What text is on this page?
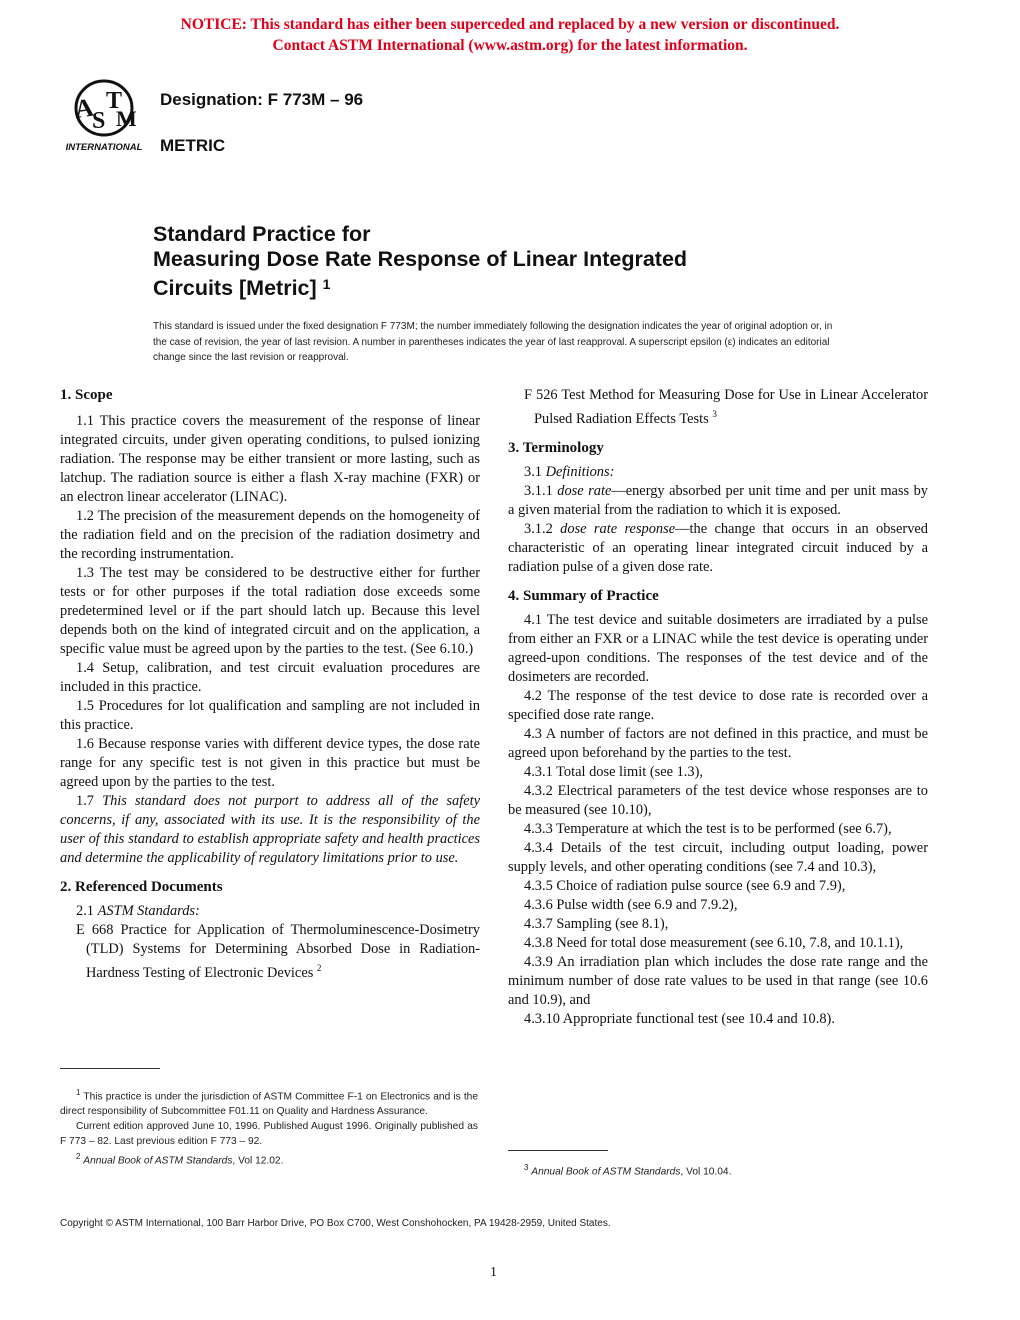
NOTICE: This standard has either been superceded and replaced by a new version or discontinued.
Contact ASTM International (www.astm.org) for the latest information.
A
S
T
M
INTERNATIONAL
Designation: F 773M – 96
METRIC
Standard Practice for
Measuring Dose Rate Response of Linear Integrated
Circuits [Metric] $^1$
This standard is issued under the fixed designation F 773M; the number immediately following the designation indicates the year of original adoption or, in the case of revision, the year of last revision. A number in parentheses indicates the year of last reapproval. A superscript epsilon (ε) indicates an editorial change since the last revision or reapproval.
1. Scope

1.1 This practice covers the measurement of the response of linear integrated circuits, under given operating conditions, to pulsed ionizing radiation. The response may be either transient or more lasting, such as latchup. The radiation source is either a flash X-ray machine (FXR) or an electron linear accelerator (LINAC).

1.2 The precision of the measurement depends on the homogeneity of the radiation field and on the precision of the radiation dosimetry and the recording instrumentation.

1.3 The test may be considered to be destructive either for further tests or for other purposes if the total radiation dose exceeds some predetermined level or if the part should latch up. Because this level depends both on the kind of integrated circuit and on the application, a specific value must be agreed upon by the parties to the test. (See 6.10.)

1.4 Setup, calibration, and test circuit evaluation procedures are included in this practice.

1.5 Procedures for lot qualification and sampling are not included in this practice.

1.6 Because response varies with different device types, the dose rate range for any specific test is not given in this practice but must be agreed upon by the parties to the test.

1.7 This standard does not purport to address all of the safety concerns, if any, associated with its use. It is the responsibility of the user of this standard to establish appropriate safety and health practices and determine the applicability of regulatory limitations prior to use.

2. Referenced Documents

2.1 ASTM Standards:

E 668 Practice for Application of Thermoluminescence-Dosimetry (TLD) Systems for Determining Absorbed Dose in Radiation-Hardness Testing of Electronic Devices $^2$

F 526 Test Method for Measuring Dose for Use in Linear Accelerator Pulsed Radiation Effects Tests $^3$

3. Terminology

3.1 Definitions:

3.1.1 dose rate—energy absorbed per unit time and per unit mass by a given material from the radiation to which it is exposed.

3.1.2 dose rate response—the change that occurs in an observed characteristic of an operating linear integrated circuit induced by a radiation pulse of a given dose rate.

4. Summary of Practice

4.1 The test device and suitable dosimeters are irradiated by a pulse from either an FXR or a LINAC while the test device is operating under agreed-upon conditions. The responses of the test device and of the dosimeters are recorded.

4.2 The response of the test device to dose rate is recorded over a specified dose rate range.

4.3 A number of factors are not defined in this practice, and must be agreed upon beforehand by the parties to the test.

4.3.1 Total dose limit (see 1.3),

4.3.2 Electrical parameters of the test device whose responses are to be measured (see 10.10),

4.3.3 Temperature at which the test is to be performed (see 6.7),

4.3.4 Details of the test circuit, including output loading, power supply levels, and other operating conditions (see 7.4 and 10.3),

4.3.5 Choice of radiation pulse source (see 6.9 and 7.9),

4.3.6 Pulse width (see 6.9 and 7.9.2),

4.3.7 Sampling (see 8.1),

4.3.8 Need for total dose measurement (see 6.10, 7.8, and 10.1.1),

4.3.9 An irradiation plan which includes the dose rate range and the minimum number of dose rate values to be used in that range (see 10.6 and 10.9), and

4.3.10 Appropriate functional test (see 10.4 and 10.8).

$^1$ This practice is under the jurisdiction of ASTM Committee F-1 on Electronics and is the direct responsibility of Subcommittee F01.11 on Quality and Hardness Assurance.

Current edition approved June 10, 1996. Published August 1996. Originally published as F 773 – 82. Last previous edition F 773 – 92.

$^2$ Annual Book of ASTM Standards, Vol 12.02.

$^3$ Annual Book of ASTM Standards, Vol 10.04.

Copyright © ASTM International, 100 Barr Harbor Drive, PO Box C700, West Conshohocken, PA 19428-2959, United States.
1
